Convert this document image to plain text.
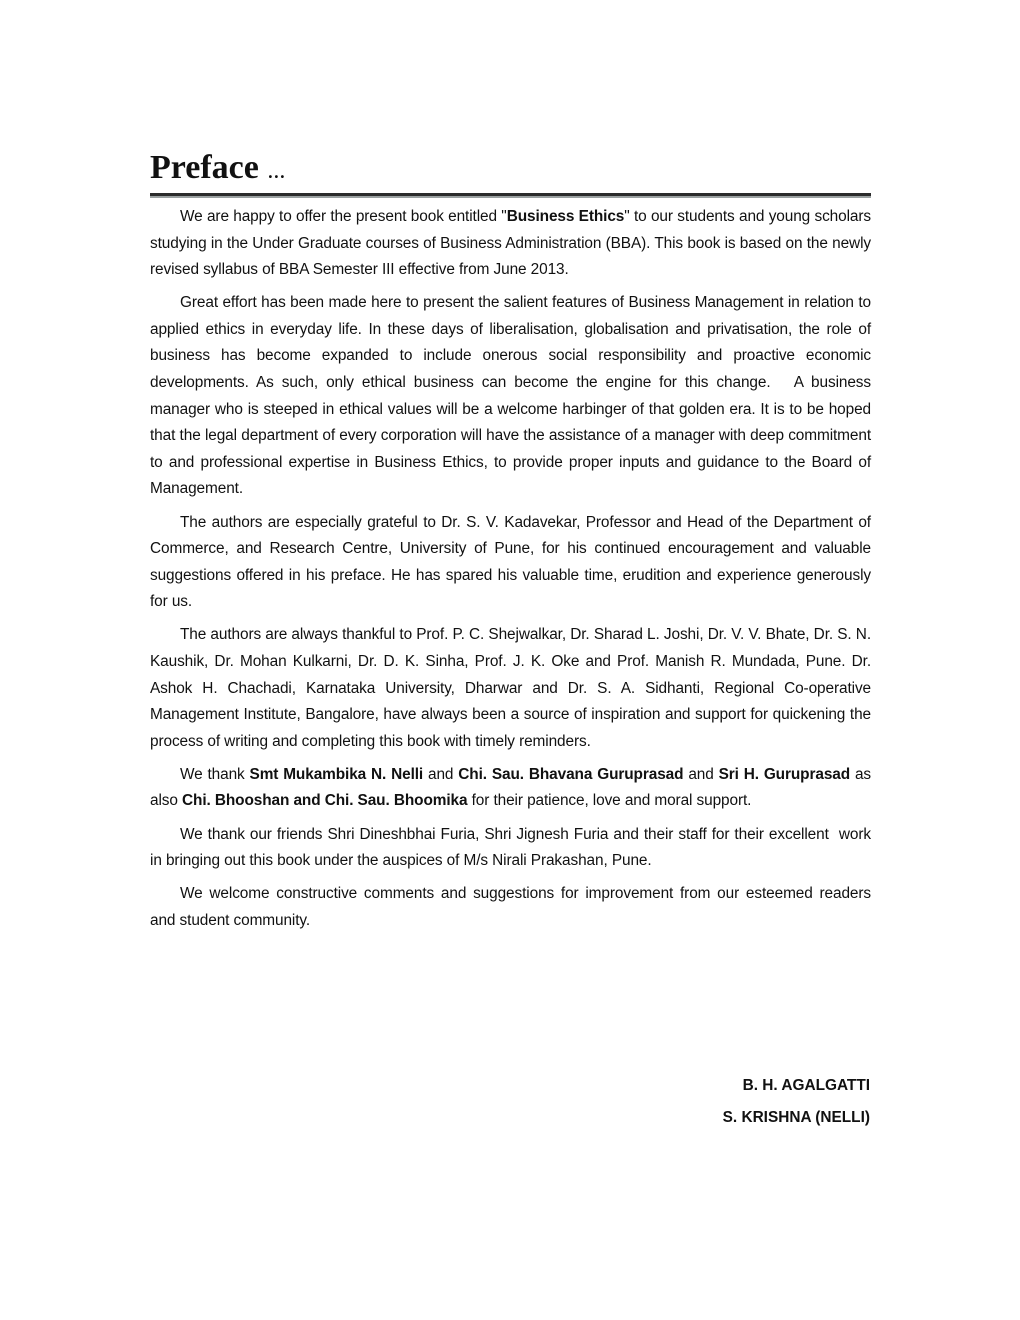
Preface ...

We are happy to offer the present book entitled "Business Ethics" to our students and young scholars studying in the Under Graduate courses of Business Administration (BBA). This book is based on the newly revised syllabus of BBA Semester III effective from June 2013.

Great effort has been made here to present the salient features of Business Management in relation to applied ethics in everyday life. In these days of liberalisation, globalisation and privatisation, the role of business has become expanded to include onerous social responsibility and proactive economic developments. As such, only ethical business can become the engine for this change.   A business manager who is steeped in ethical values will be a welcome harbinger of that golden era. It is to be hoped that the legal department of every corporation will have the assistance of a manager with deep commitment to and professional expertise in Business Ethics, to provide proper inputs and guidance to the Board of Management.

The authors are especially grateful to Dr. S. V. Kadavekar, Professor and Head of the Department of Commerce, and Research Centre, University of Pune, for his continued encouragement and valuable suggestions offered in his preface. He has spared his valuable time, erudition and experience generously for us.

The authors are always thankful to Prof. P. C. Shejwalkar, Dr. Sharad L. Joshi, Dr. V. V. Bhate, Dr. S. N. Kaushik, Dr. Mohan Kulkarni, Dr. D. K. Sinha, Prof. J. K. Oke and Prof. Manish R. Mundada, Pune. Dr. Ashok H. Chachadi, Karnataka University, Dharwar and Dr. S. A. Sidhanti, Regional Co-operative Management Institute, Bangalore, have always been a source of inspiration and support for quickening the process of writing and completing this book with timely reminders.

We thank Smt Mukambika N. Nelli and Chi. Sau. Bhavana Guruprasad and Sri H. Guruprasad as also Chi. Bhooshan and Chi. Sau. Bhoomika for their patience, love and moral support.

We thank our friends Shri Dineshbhai Furia, Shri Jignesh Furia and their staff for their excellent  work in bringing out this book under the auspices of M/s Nirali Prakashan, Pune.

We welcome constructive comments and suggestions for improvement from our esteemed readers and student community.

B. H. AGALGATTI
S. KRISHNA (NELLI)
